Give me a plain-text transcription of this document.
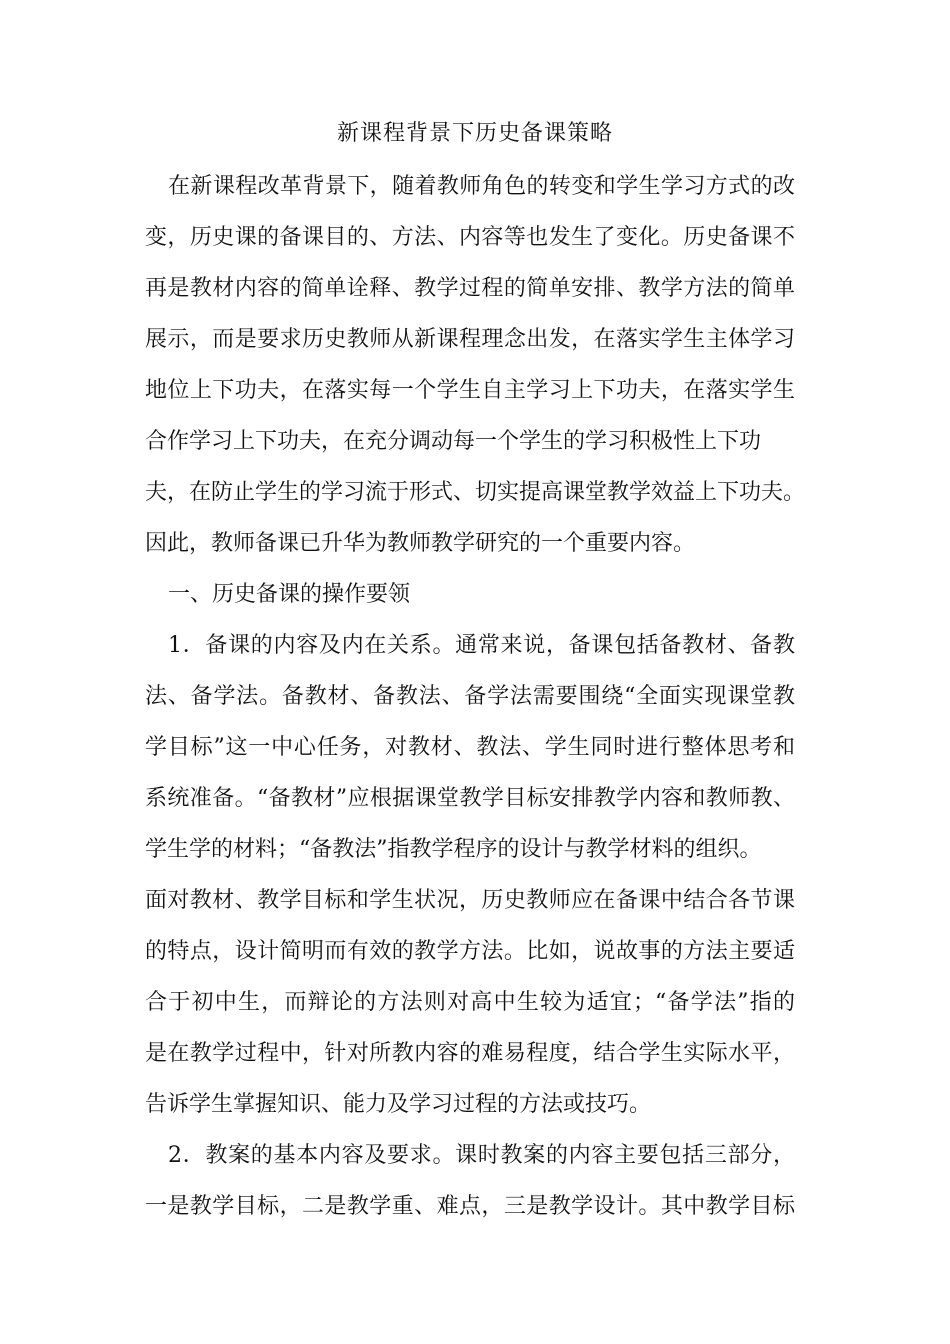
新课程背景下历史备课策略
在新课程改革背景下，随着教师角色的转变和学生学习方式的改
变，历史课的备课目的、方法、内容等也发生了变化。历史备课不
再是教材内容的简单诠释、教学过程的简单安排、教学方法的简单
展示，而是要求历史教师从新课程理念出发，在落实学生主体学习
地位上下功夫，在落实每一个学生自主学习上下功夫，在落实学生
合作学习上下功夫，在充分调动每一个学生的学习积极性上下功
夫，在防止学生的学习流于形式、切实提高课堂教学效益上下功夫。
因此，教师备课已升华为教师教学研究的一个重要内容。
一、历史备课的操作要领
1．备课的内容及内在关系。通常来说，备课包括备教材、备教
法、备学法。备教材、备教法、备学法需要围绕“全面实现课堂教
学目标”这一中心任务，对教材、教法、学生同时进行整体思考和
系统准备。“备教材”应根据课堂教学目标安排教学内容和教师教、
学生学的材料；“备教法”指教学程序的设计与教学材料的组织。
面对教材、教学目标和学生状况，历史教师应在备课中结合各节课
的特点，设计简明而有效的教学方法。比如，说故事的方法主要适
合于初中生，而辩论的方法则对高中生较为适宜；“备学法”指的
是在教学过程中，针对所教内容的难易程度，结合学生实际水平，
告诉学生掌握知识、能力及学习过程的方法或技巧。
2．教案的基本内容及要求。课时教案的内容主要包括三部分，
一是教学目标，二是教学重、难点，三是教学设计。其中教学目标
